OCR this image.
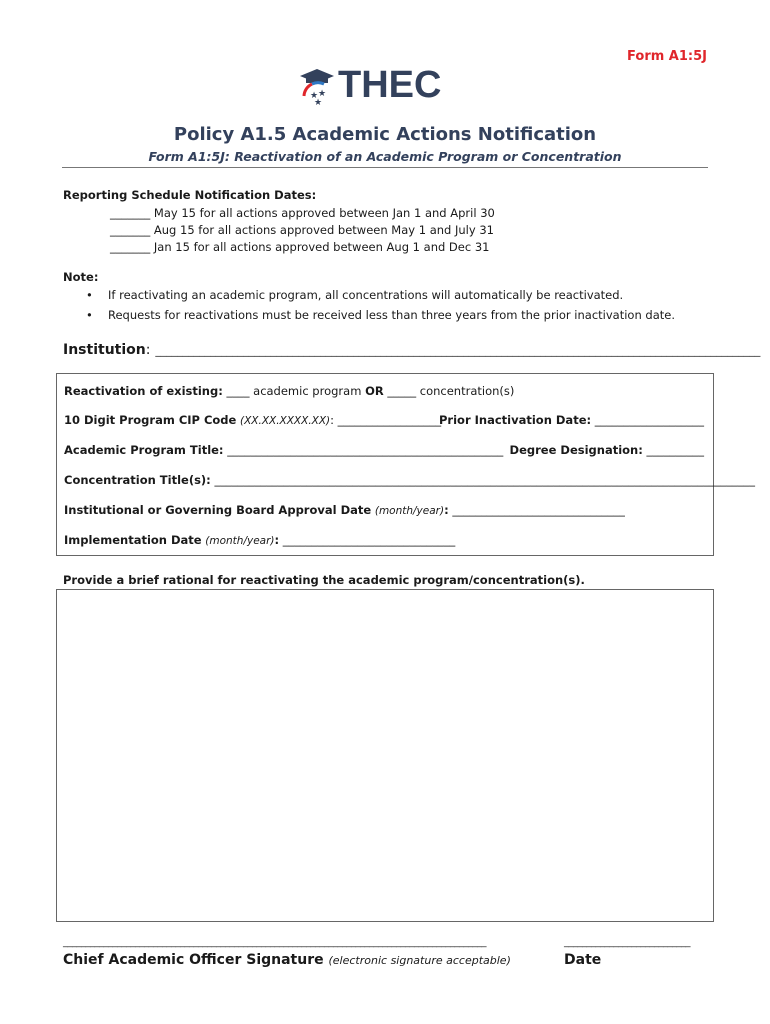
Form A1:5J
★ ★
★ THEC
Policy A1.5 Academic Actions Notification
Form A1:5J: Reactivation of an Academic Program or Concentration
Reporting Schedule Notification Dates:
_______ May 15 for all actions approved between Jan 1 and April 30
_______ Aug 15 for all actions approved between May 1 and July 31
_______ Jan 15 for all actions approved between Aug 1 and Dec 31
Note:
• If reactivating an academic program, all concentrations will automatically be reactivated.
• Requests for reactivations must be received less than three years from the prior inactivation date.
Institution: ______________________________________________________________________________________________________________
Reactivation of existing: ____ academic program OR _____ concentration(s)
10 Digit Program CIP Code (XX.XX.XXXX.XX): __________________
Prior Inactivation Date: ___________________
Academic Program Title: ________________________________________________ Degree Designation: __________
Concentration Title(s): ______________________________________________________________________________________________
Institutional or Governing Board Approval Date (month/year): ______________________________
Implementation Date (month/year): ______________________________
Provide a brief rational for reactivating the academic program/concentration(s).
______________________________________________________________________________________________	____________________________
Chief Academic Officer Signature (electronic signature acceptable)	Date
